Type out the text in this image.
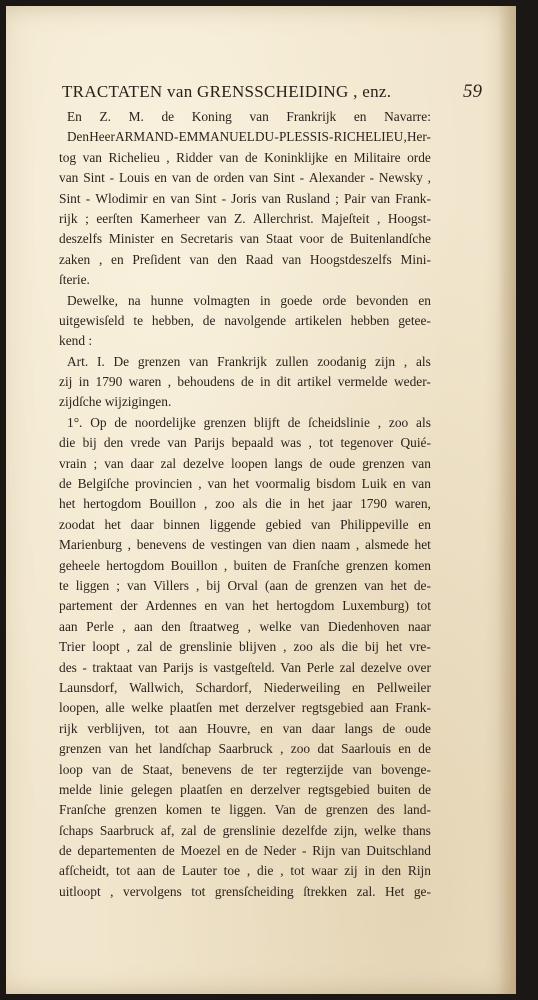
TRACTATEN van GRENSSCHEIDING , enz.	59
En Z. M. de Koning van Frankrijk en Navarre:
Den Heer ARMAND - EMMANUEL DU - PLESSIS - RICHELIEU , Her-
tog van Richelieu , Ridder van de Koninklijke en Militaire orde
van Sint - Louis en van de orden van Sint - Alexander - Newsky ,
Sint - Wlodimir en van Sint - Joris van Rusland ; Pair van Frank-
rijk ; eerſten Kamerheer van Z. Allerchrist. Majeſteit , Hoogst-
deszelfs Minister en Secretaris van Staat voor de Buitenlandſche
zaken , en Preſident van den Raad van Hoogstdeszelfs Mini-
ſterie.
Dewelke, na hunne volmagten in goede orde bevonden en
uitgewisſeld te hebben, de navolgende artikelen hebben getee-
kend :
Art. I. De grenzen van Frankrijk zullen zoodanig zijn , als
zij in 1790 waren , behoudens de in dit artikel vermelde weder-
zijdſche wijzigingen.
1°. Op de noordelijke grenzen blijft de ſcheidslinie , zoo als
die bij den vrede van Parijs bepaald was , tot tegenover Quié-
vrain ; van daar zal dezelve loopen langs de oude grenzen van
de Belgiſche provincien , van het voormalig bisdom Luik en van
het hertogdom Bouillon , zoo als die in het jaar 1790 waren,
zoodat het daar binnen liggende gebied van Philippeville en
Marienburg , benevens de vestingen van dien naam , alsmede het
geheele hertogdom Bouillon , buiten de Franſche grenzen komen
te liggen ; van Villers , bij Orval (aan de grenzen van het de-
partement der Ardennes en van het hertogdom Luxemburg) tot
aan Perle , aan den ſtraatweg , welke van Diedenhoven naar
Trier loopt , zal de grenslinie blijven , zoo als die bij het vre-
des - traktaat van Parijs is vastgeſteld. Van Perle zal dezelve over
Launsdorf, Wallwich, Schardorf, Niederweiling en Pellweiler
loopen, alle welke plaatſen met derzelver regtsgebied aan Frank-
rijk verblijven, tot aan Houvre, en van daar langs de oude
grenzen van het landſchap Saarbruck , zoo dat Saarlouis en de
loop van de Staat, benevens de ter regterzijde van bovenge-
melde linie gelegen plaatſen en derzelver regtsgebied buiten de
Franſche grenzen komen te liggen. Van de grenzen des land-
ſchaps Saarbruck af, zal de grenslinie dezelfde zijn, welke thans
de departementen de Moezel en de Neder - Rijn van Duitschland
afſcheidt, tot aan de Lauter toe , die , tot waar zij in den Rijn
uitloopt , vervolgens tot grensſcheiding ſtrekken zal. Het ge-
